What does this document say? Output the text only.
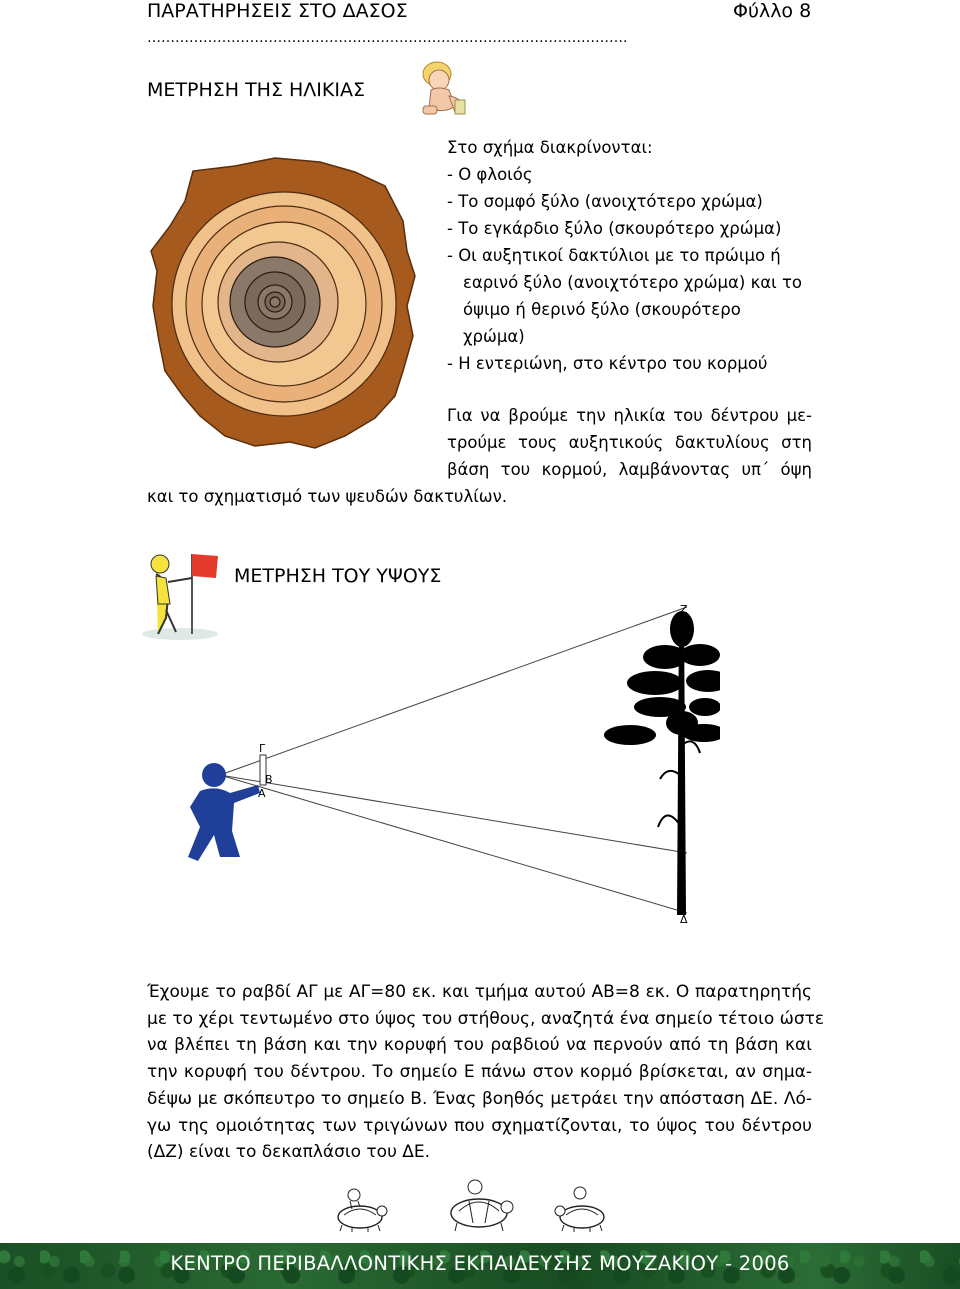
ΠΑΡΑΤΗΡΗΣΕΙΣ ΣΤΟ ΔΑΣΟΣ	Φύλλο 8
………………………………………………………………………………………….
ΜΕΤΡΗΣΗ ΤΗΣ ΗΛΙΚΙΑΣ
Στο σχήμα διακρίνονται:
- Ο φλοιός
- Το σομφό ξύλο (ανοιχτότερο χρώμα)
- Το εγκάρδιο ξύλο (σκουρότερο χρώμα)
- Οι αυξητικοί δακτύλιοι με το πρώιμο ή
εαρινό ξύλο (ανοιχτότερο χρώμα) και το
όψιμο ή θερινό ξύλο (σκουρότερο
χρώμα)
- Η εντεριώνη, στο κέντρο του κορμού
Για να βρούμε την ηλικία του δέντρου με-
τρούμε τους αυξητικούς δακτυλίους στη
βάση του κορμού, λαμβάνοντας υπ΄ όψη
και το σχηματισμό των ψευδών δακτυλίων.
ΜΕΤΡΗΣΗ ΤΟΥ ΥΨΟΥΣ
Ζ
Ε
Δ
Γ
Β
Α
Έχουμε το ραβδί ΑΓ με ΑΓ=80 εκ. και τμήμα αυτού ΑΒ=8 εκ. Ο παρατηρητής
με το χέρι τεντωμένο στο ύψος του στήθους, αναζητά ένα σημείο τέτοιο ώστε
να βλέπει τη βάση και την κορυφή του ραβδιού να περνούν από τη βάση και
την κορυφή του δέντρου. Το σημείο Ε πάνω στον κορμό βρίσκεται, αν σημα-
δέψω με σκόπευτρο το σημείο Β. Ένας βοηθός μετράει την απόσταση ΔΕ. Λό-
γω της ομοιότητας των τριγώνων που σχηματίζονται, το ύψος του δέντρου
(ΔΖ) είναι το δεκαπλάσιο του ΔΕ.
ΚΕΝΤΡΟ ΠΕΡΙΒΑΛΛΟΝΤΙΚΗΣ ΕΚΠΑΙΔΕΥΣΗΣ ΜΟΥΖΑΚΙΟΥ - 2006
